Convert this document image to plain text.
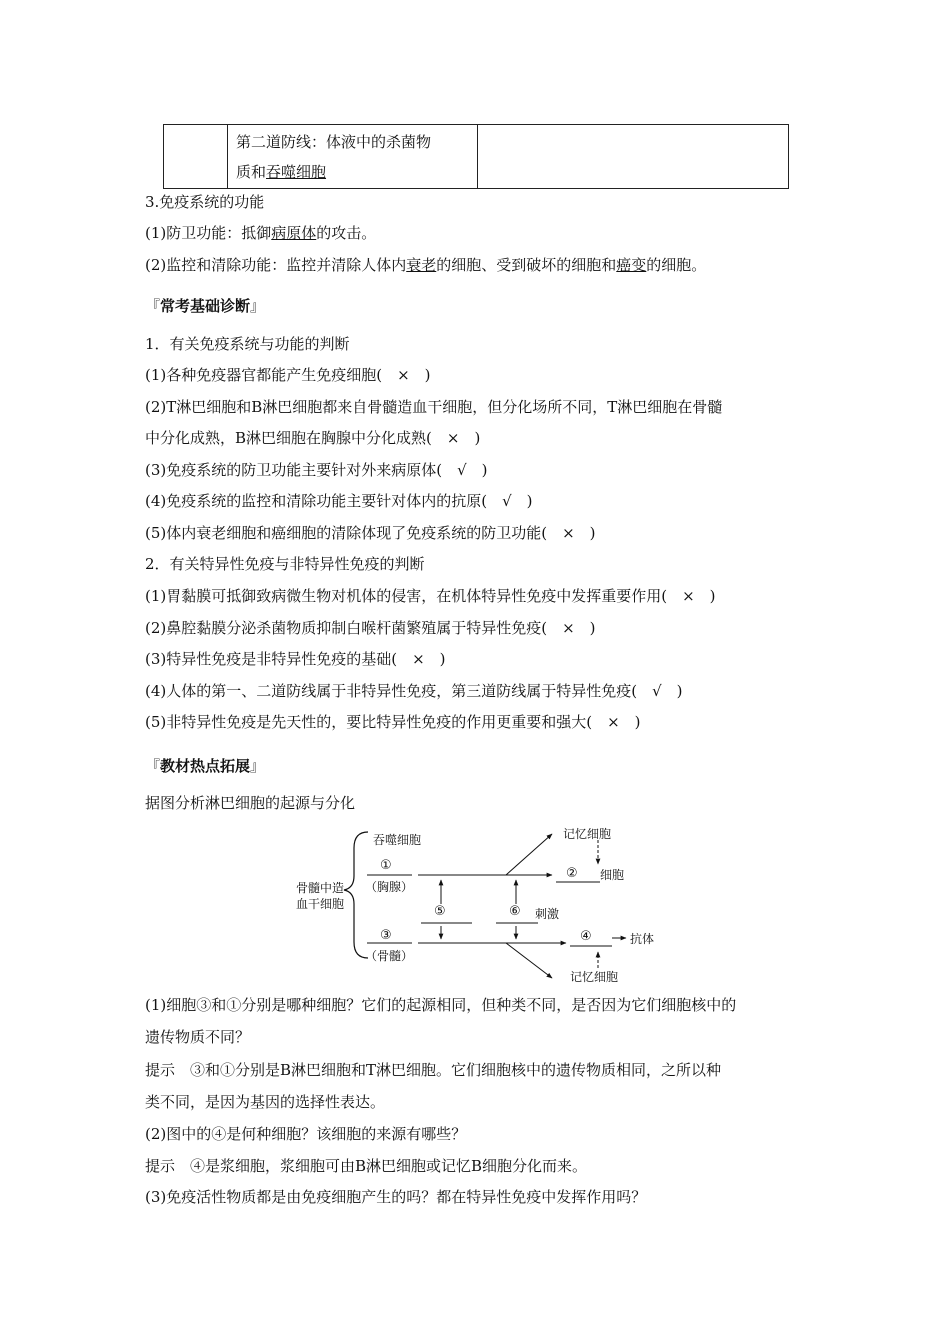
第二道防线：体液中的杀菌物
质和吞噬细胞

3.免疫系统的功能
(1)防卫功能：抵御病原体的攻击。
(2)监控和清除功能：监控并清除人体内衰老的细胞、受到破坏的细胞和癌变的细胞。
『常考基础诊断』
1．有关免疫系统与功能的判断
(1)各种免疫器官都能产生免疫细胞(　×　)
(2)T淋巴细胞和B淋巴细胞都来自骨髓造血干细胞，但分化场所不同，T淋巴细胞在骨髓
中分化成熟，B淋巴细胞在胸腺中分化成熟(　×　)
(3)免疫系统的防卫功能主要针对外来病原体(　√　)
(4)免疫系统的监控和清除功能主要针对体内的抗原(　√　)
(5)体内衰老细胞和癌细胞的清除体现了免疫系统的防卫功能(　×　)
2．有关特异性免疫与非特异性免疫的判断
(1)胃黏膜可抵御致病微生物对机体的侵害，在机体特异性免疫中发挥重要作用(　×　)
(2)鼻腔黏膜分泌杀菌物质抑制白喉杆菌繁殖属于特异性免疫(　×　)
(3)特异性免疫是非特异性免疫的基础(　×　)
(4)人体的第一、二道防线属于非特异性免疫，第三道防线属于特异性免疫(　√　)
(5)非特异性免疫是先天性的，要比特异性免疫的作用更重要和强大(　×　)
『教材热点拓展』
据图分析淋巴细胞的起源与分化
骨髓中造
血干细胞
吞噬细胞
①
（胸腺）
② 细胞
记忆细胞
③
（骨髓）
④	抗体
⑤	⑥ 刺激
记忆细胞
(1)细胞③和①分别是哪种细胞？它们的起源相同，但种类不同，是否因为它们细胞核中的
遗传物质不同？
提示　③和①分别是B淋巴细胞和T淋巴细胞。它们细胞核中的遗传物质相同，之所以种
类不同，是因为基因的选择性表达。
(2)图中的④是何种细胞？该细胞的来源有哪些？
提示　④是浆细胞，浆细胞可由B淋巴细胞或记忆B细胞分化而来。
(3)免疫活性物质都是由免疫细胞产生的吗？都在特异性免疫中发挥作用吗？
